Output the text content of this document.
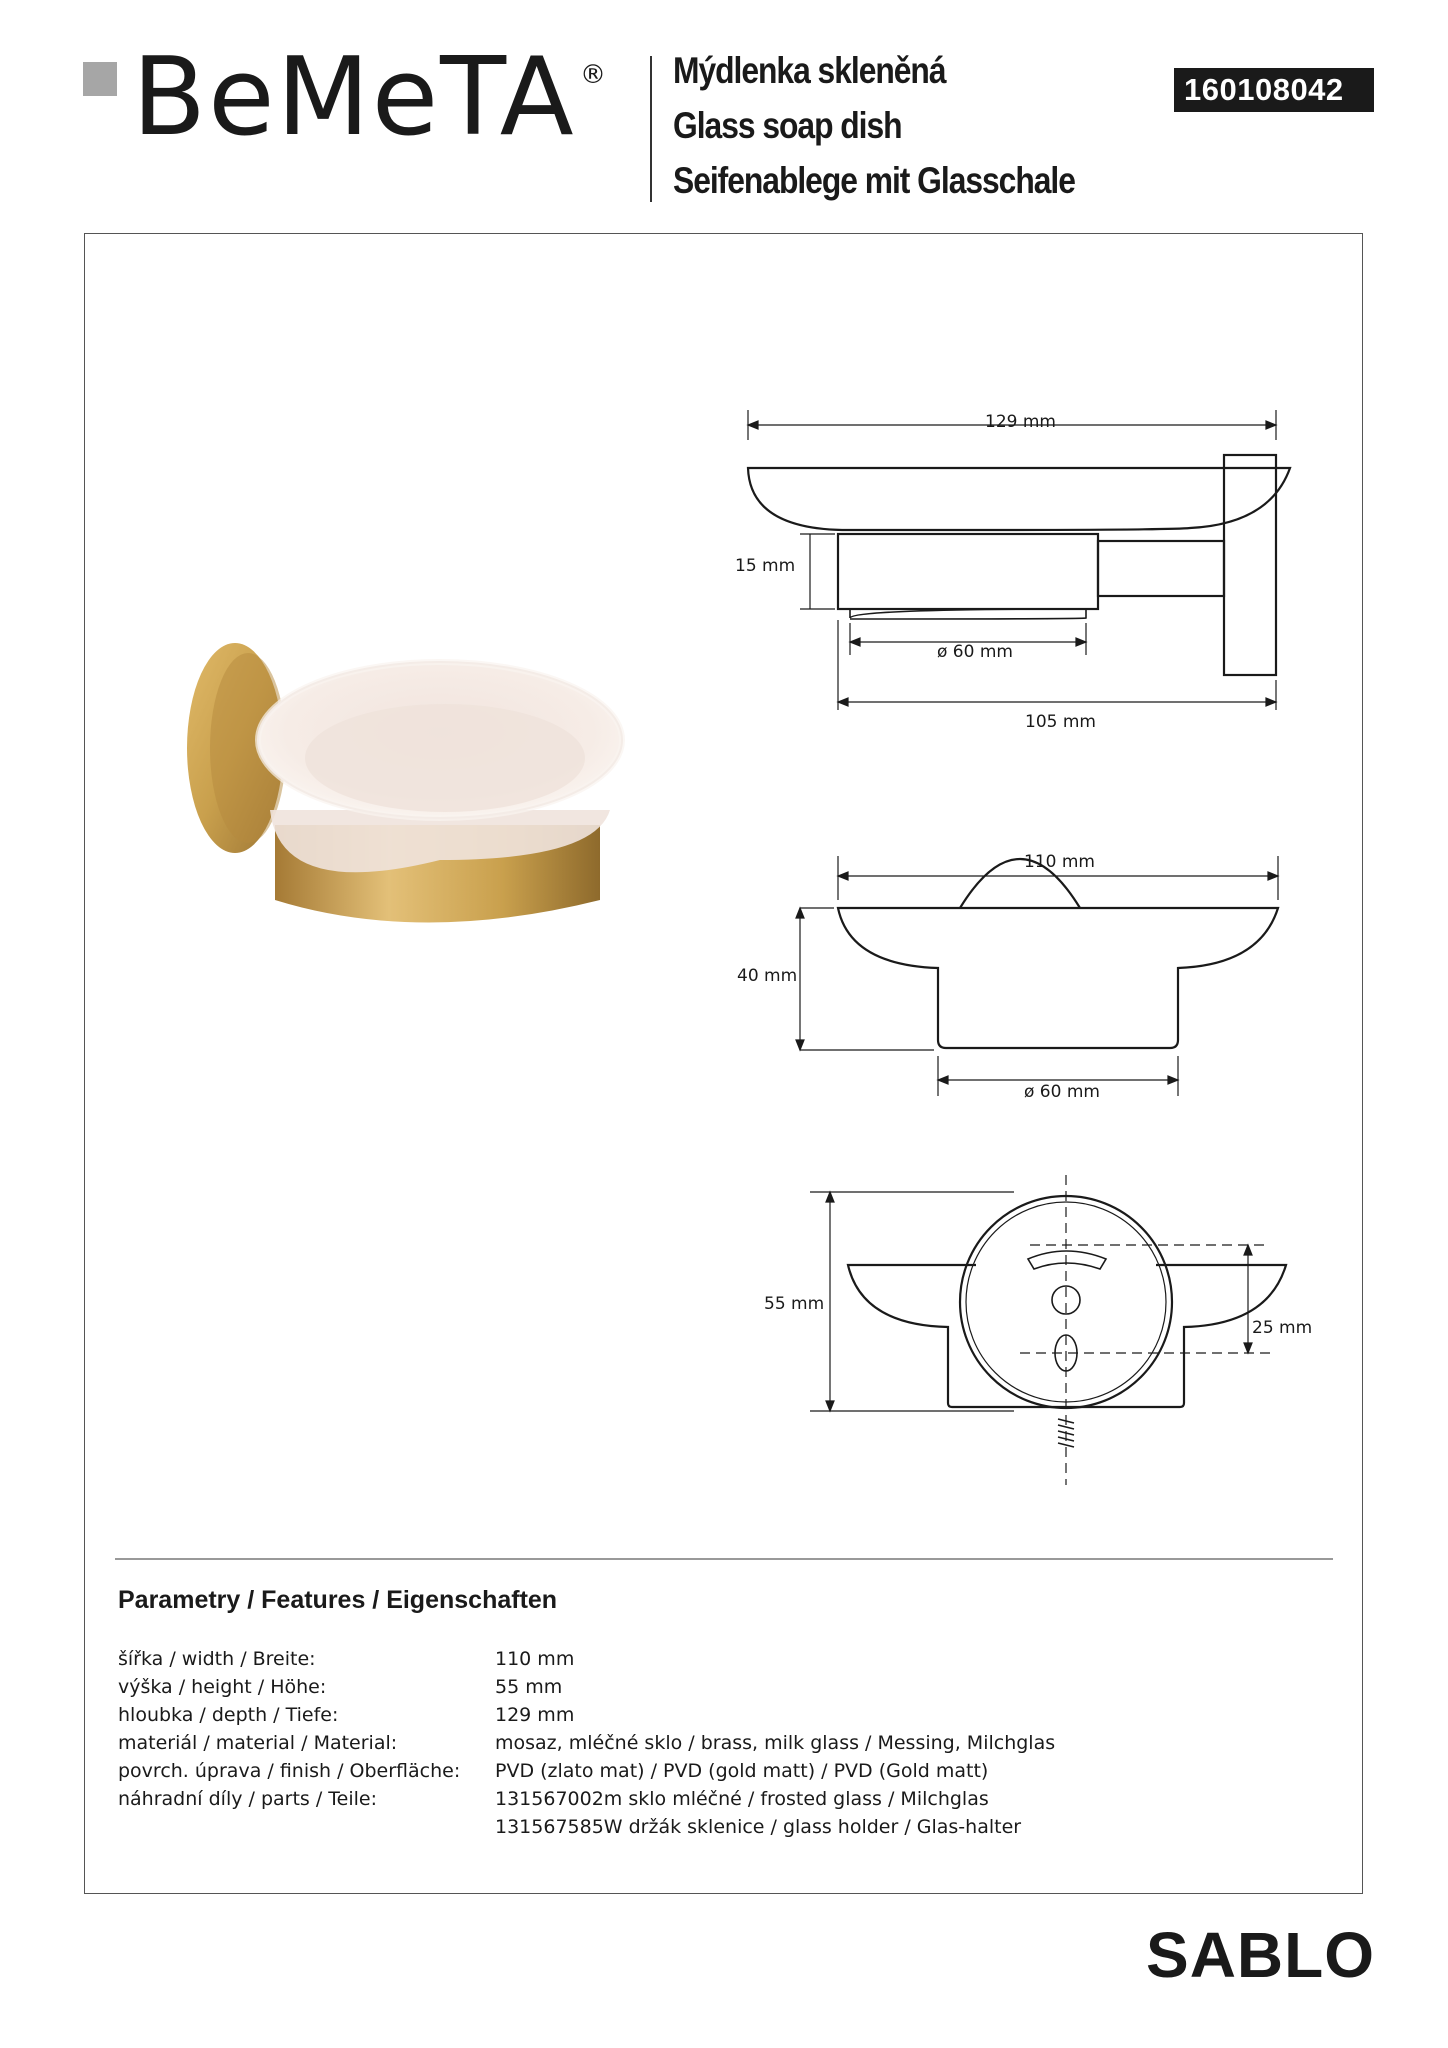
BeMeTA ® Mýdlenka skleněná
Glass soap dish
Seifenablege mit Glasschale
160108042
129 mm
15 mm
ø 60 mm
105 mm
110 mm
40 mm
ø 60 mm
55 mm
25 mm
Parametry / Features / Eigenschaften
šířka / width / Breite:	110 mm
výška / height / Höhe:	55 mm
hloubka / depth / Tiefe:	129 mm
materiál / material / Material:	mosaz, mléčné sklo / brass, milk glass / Messing, Milchglas
povrch. úprava / finish / Oberfläche: PVD (zlato mat) / PVD (gold matt) / PVD (Gold matt)
náhradní díly / parts / Teile:	131567002m sklo mléčné / frosted glass / Milchglas
131567585W držák sklenice / glass holder / Glas-halter
SABLO
